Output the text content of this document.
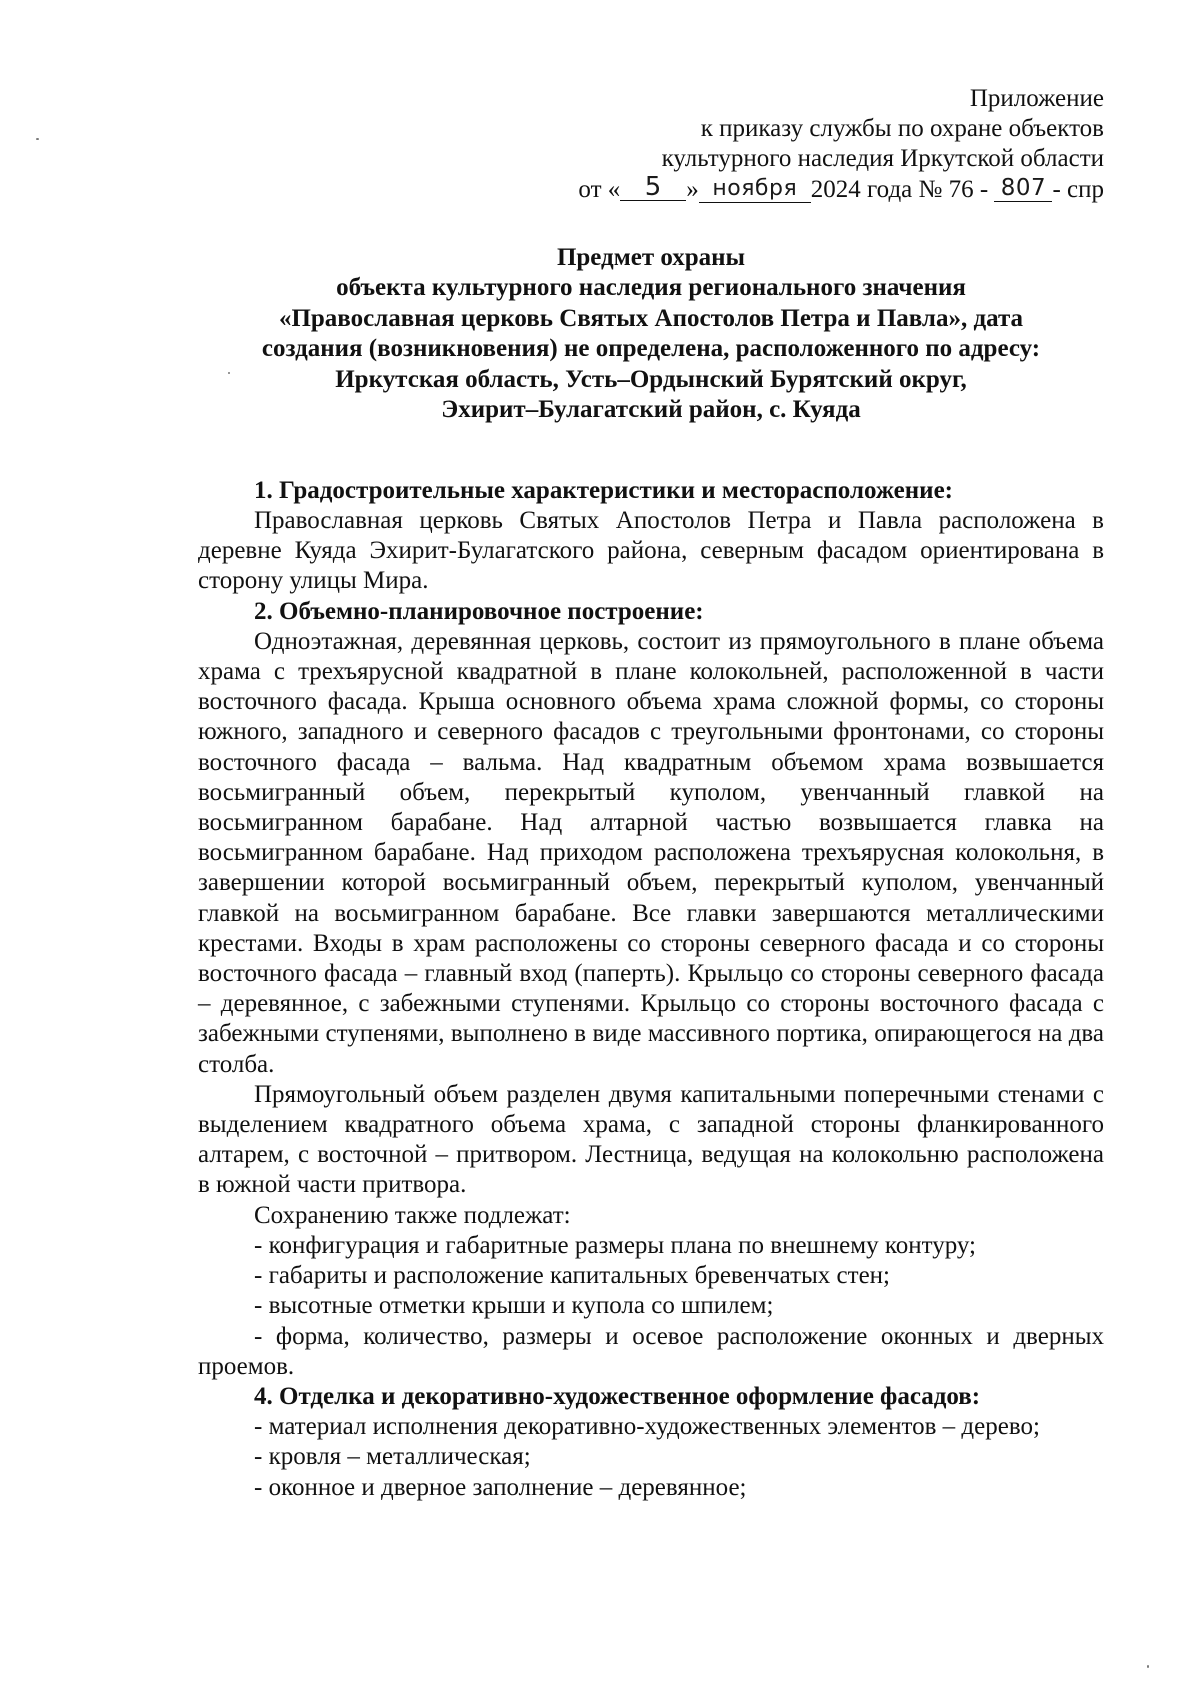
Приложение
к приказу службы по охране объектов
культурного наследия Иркутской области
от « 5 » ноября 2024 года № 76 - 807 - спр
Предмет охраны
объекта культурного наследия регионального значения
«Православная церковь Святых Апостолов Петра и Павла», дата
создания (возникновения) не определена, расположенного по адресу:
Иркутская область, Усть–Ордынский Бурятский округ,
Эхирит–Булагатский район, с. Куяда

1. Градостроительные характеристики и месторасположение:

Православная церковь Святых Апостолов Петра и Павла расположена в деревне Куяда Эхирит-Булагатского района, северным фасадом ориентирована в сторону улицы Мира.

2. Объемно-планировочное построение:

Одноэтажная, деревянная церковь, состоит из прямоугольного в плане объема храма с трехъярусной квадратной в плане колокольней, расположенной в части восточного фасада. Крыша основного объема храма сложной формы, со стороны южного, западного и северного фасадов с треугольными фронтонами, со стороны восточного фасада – вальма. Над квадратным объемом храма возвышается восьмигранный объем, перекрытый куполом, увенчанный главкой на восьмигранном барабане. Над алтарной частью возвышается главка на восьмигранном барабане. Над приходом расположена трехъярусная колокольня, в завершении которой восьмигранный объем, перекрытый куполом, увенчанный главкой на восьмигранном барабане. Все главки завершаются металлическими крестами. Входы в храм расположены со стороны северного фасада и со стороны восточного фасада – главный вход (паперть). Крыльцо со стороны северного фасада – деревянное, с забежными ступенями. Крыльцо со стороны восточного фасада с забежными ступенями, выполнено в виде массивного портика, опирающегося на два столба.

Прямоугольный объем разделен двумя капитальными поперечными стенами с выделением квадратного объема храма, с западной стороны фланкированного алтарем, с восточной – притвором. Лестница, ведущая на колокольню расположена в южной части притвора.

Сохранению также подлежат:

- конфигурация и габаритные размеры плана по внешнему контуру;

- габариты и расположение капитальных бревенчатых стен;

- высотные отметки крыши и купола со шпилем;

- форма, количество, размеры и осевое расположение оконных и дверных проемов.

4. Отделка и декоративно-художественное оформление фасадов:

- материал исполнения декоративно-художественных элементов – дерево;

- кровля – металлическая;

- оконное и дверное заполнение – деревянное;
